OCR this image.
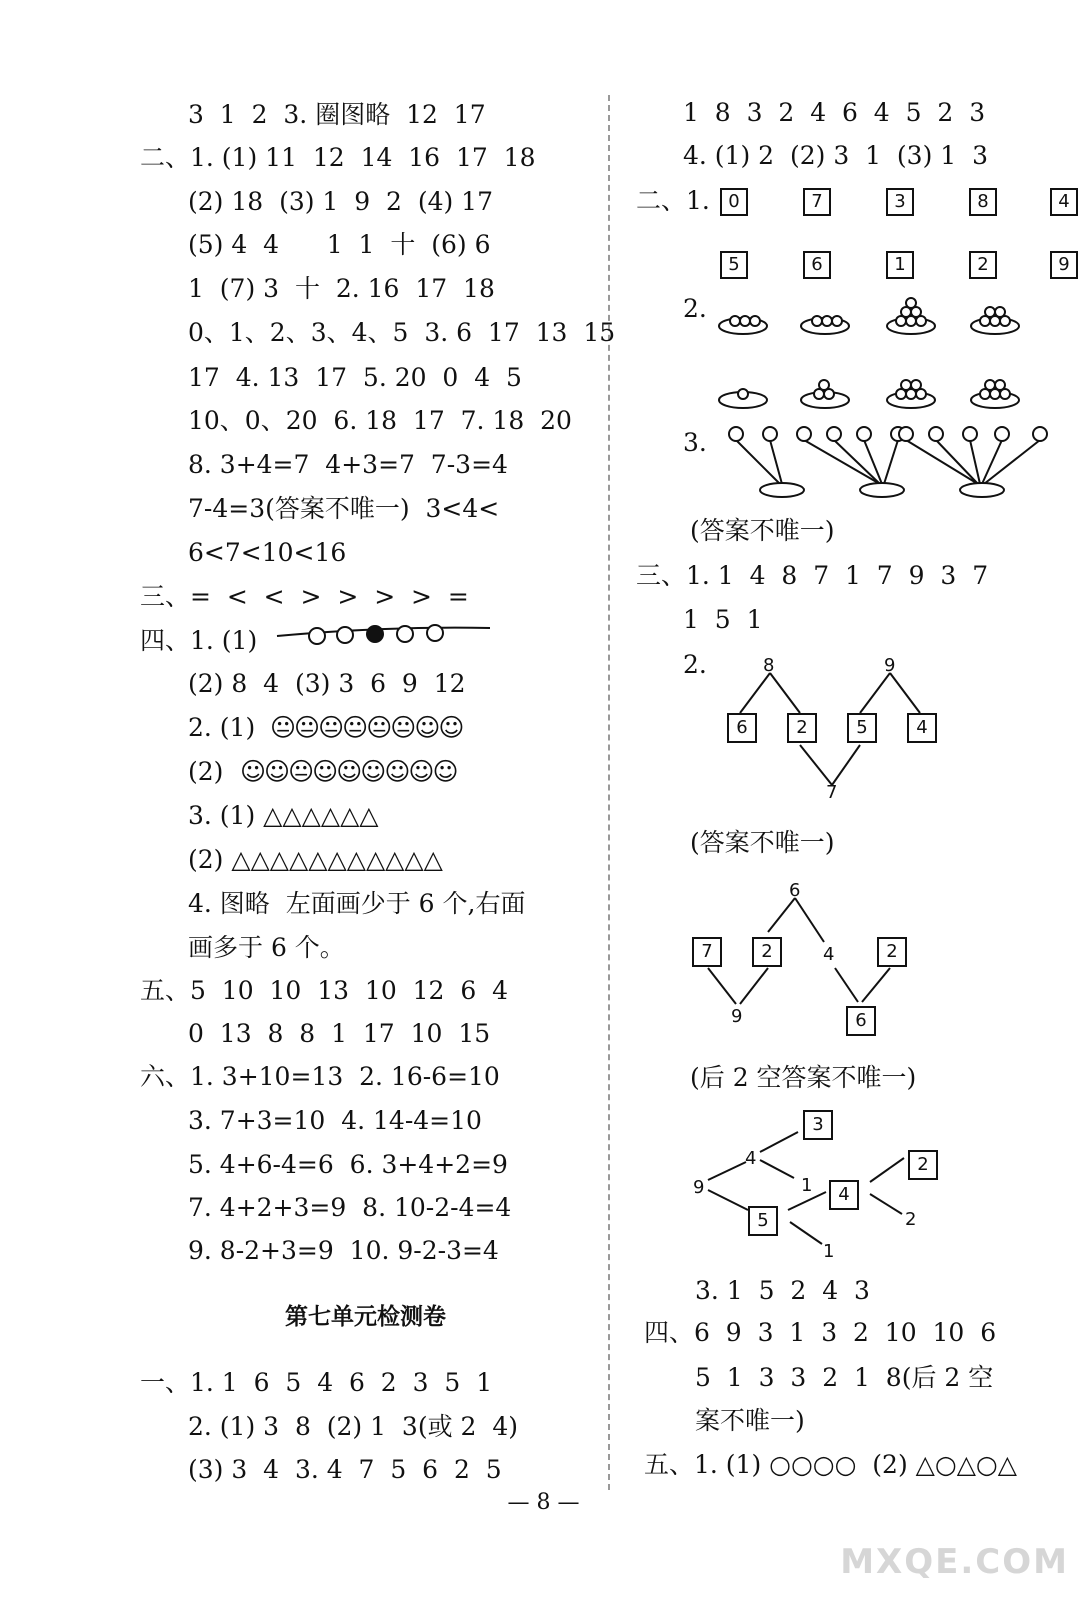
3  1  2  3. 圈图略  12  17
二、1. (1) 11  12  14  16  17  18
(2) 18  (3) 1  9  2  (4) 17
(5) 4  4      1  1  十  (6) 6
1  (7) 3  十  2. 16  17  18
0、1、2、3、4、5  3. 6  17  13  15
17  4. 13  17  5. 20  0  4  5
10、0、20  6. 18  17  7. 18  20
8. 3+4=7  4+3=7  7-3=4
7-4=3(答案不唯一)  3<4<
6<7<10<16
三、=  <  <  >  >  >  >  =
四、1. (1)
(2) 8  4  (3) 3  6  9  12
2. (1) 😐😐😐😐😐😐☺☺
(2) ☺☺😐☺☺☺☺☺☺
3. (1) △△△△△△
(2) △△△△△△△△△△△
4. 图略  左面画少于 6 个,右面
画多于 6 个。
五、5  10  10  13  10  12  6  4
0  13  8  8  1  17  10  15
六、1. 3+10=13  2. 16-6=10
3. 7+3=10  4. 14-4=10
5. 4+6-4=6  6. 3+4+2=9
7. 4+2+3=9  8. 10-2-4=4
9. 8-2+3=9  10. 9-2-3=4
第七单元检测卷
一、1. 1  6  5  4  6  2  3  5  1
2. (1) 3  8  (2) 1  3(或 2  4)
(3) 3  4  3. 4  7  5  6  2  5
1  8  3  2  4  6  4  5  2  3
4. (1) 2  (2) 3  1  (3) 1  3
二、1.	0	7	3	8	4
5	6	1	2	9
2.
3.
(答案不唯一)
三、1. 1  4  8  7  1  7  9  3  7
1  5  1
2.	8	9
6	2	5	4
7
(答案不唯一)
6
7	2	4	2
9	6
(后 2 空答案不唯一)
9
4
3
1
5
1
4
2
2
3. 1  5  2  4  3
四、6  9  3  1  3  2  10  10  6
5  1  3  3  2  1  8(后 2 空
案不唯一)
五、1. (1) ○○○○  (2) △○△○△
— 8 —
MXQE.COM
